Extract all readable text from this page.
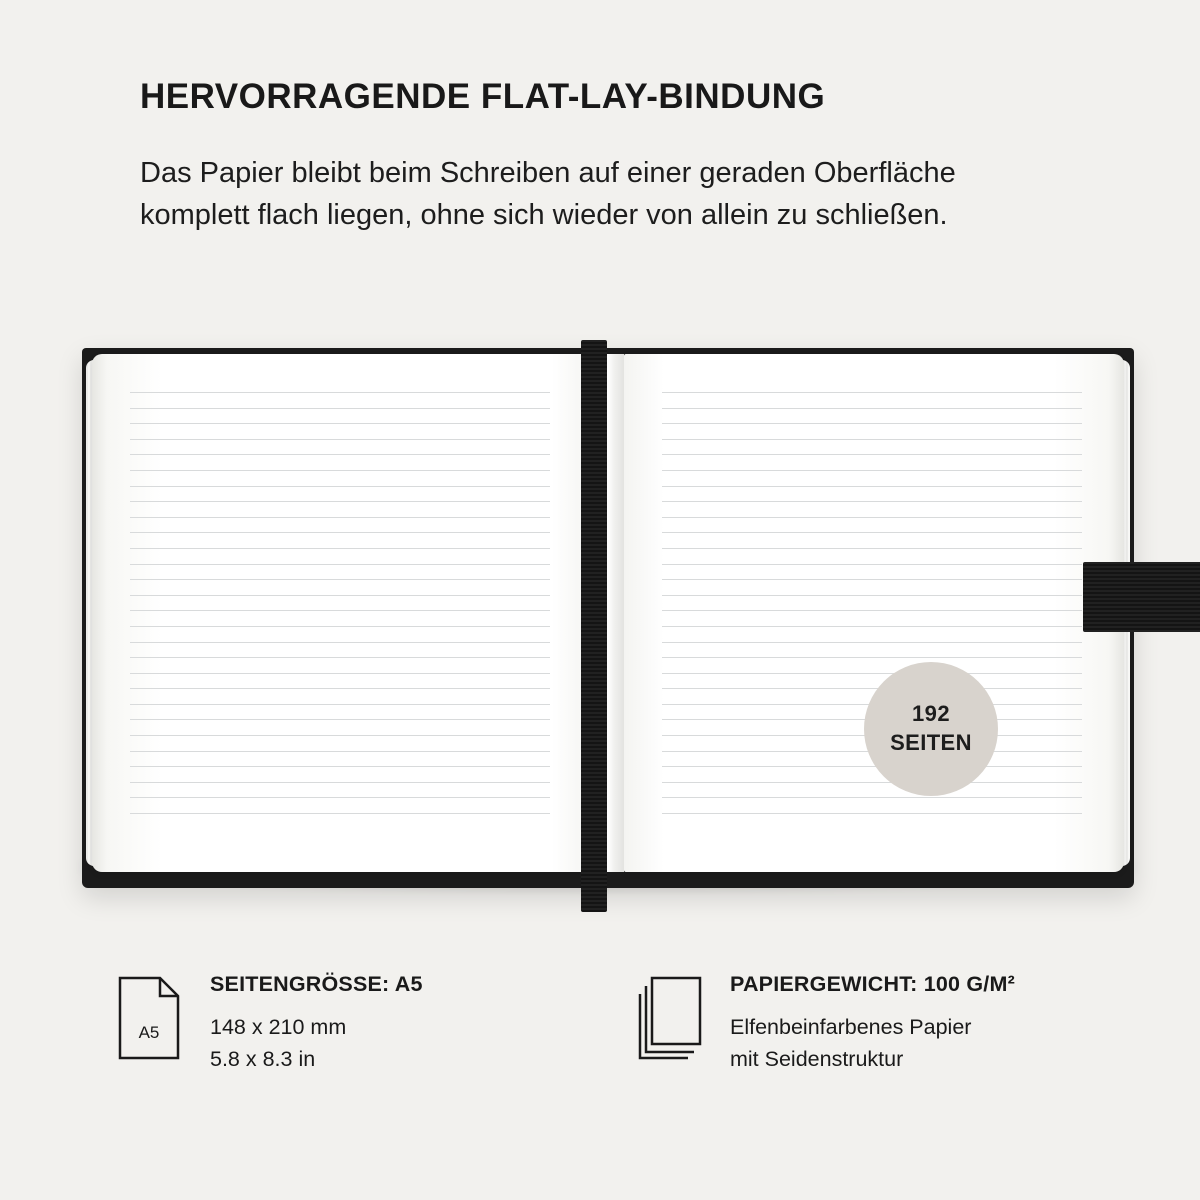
HERVORRAGENDE FLAT-LAY-BINDUNG
Das Papier bleibt beim Schreiben auf einer geraden Oberfläche komplett flach liegen, ohne sich wieder von allein zu schließen.
192
SEITEN
A5
SEITENGRÖSSE: A5
148 x 210 mm
5.8 x 8.3 in
PAPIERGEWICHT: 100 G/M²
Elfenbeinfarbenes Papier
mit Seidenstruktur
